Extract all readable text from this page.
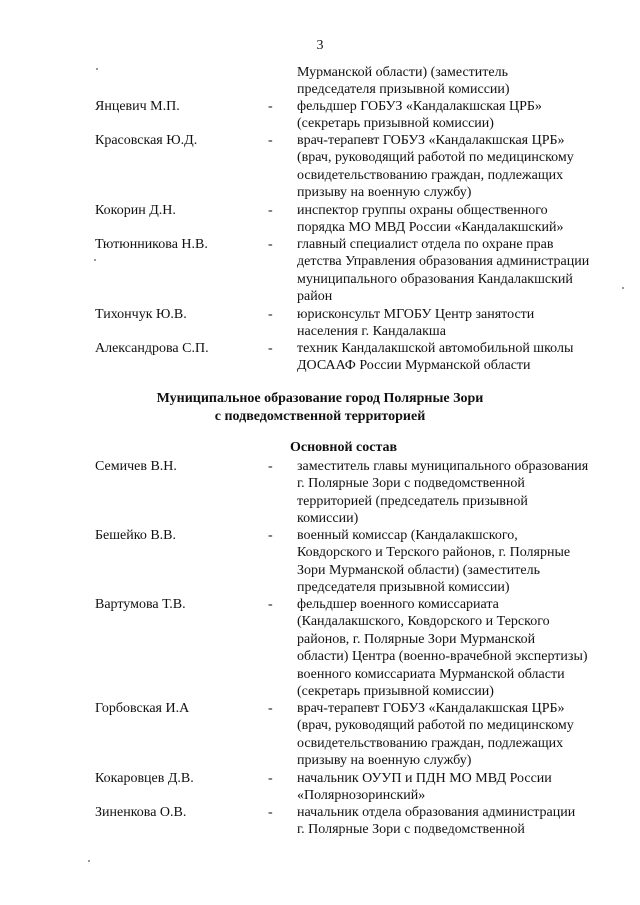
3
Мурманской области) (заместитель
председателя призывной комиссии)
Янцевич М.П.	- фельдшер ГОБУЗ «Кандалакшская ЦРБ»
(секретарь призывной комиссии)
Красовская Ю.Д.	- врач-терапевт ГОБУЗ «Кандалакшская ЦРБ»
(врач, руководящий работой по медицинскому
освидетельствованию граждан, подлежащих
призыву на военную службу)
Кокорин Д.Н.	- инспектор группы охраны общественного
порядка МО МВД России «Кандалакшский»
Тютюнникова Н.В.	- главный специалист отдела по охране прав
детства Управления образования администрации
муниципального образования Кандалакшский
район
Тихончук Ю.В.	- юрисконсульт МГОБУ Центр занятости
населения г. Кандалакша
Александрова С.П.	- техник Кандалакшской автомобильной школы
ДОСААФ России Мурманской области
Муниципальное образование город Полярные Зори
с подведомственной территорией
Основной состав
Семичев В.Н.	- заместитель главы муниципального образования
г. Полярные Зори с подведомственной
территорией (председатель призывной
комиссии)
Бешейко В.В.	- военный комиссар (Кандалакшского,
Ковдорского и Терского районов, г. Полярные
Зори Мурманской области) (заместитель
председателя призывной комиссии)
Вартумова Т.В.	- фельдшер военного комиссариата
(Кандалакшского, Ковдорского и Терского
районов, г. Полярные Зори Мурманской
области) Центра (военно-врачебной экспертизы)
военного комиссариата Мурманской области
(секретарь призывной комиссии)
Горбовская И.А	- врач-терапевт ГОБУЗ «Кандалакшская ЦРБ»
(врач, руководящий работой по медицинскому
освидетельствованию граждан, подлежащих
призыву на военную службу)
Кокаровцев Д.В.	- начальник ОУУП и ПДН МО МВД России
«Полярнозоринский»
Зиненкова О.В.	- начальник отдела образования администрации
г. Полярные Зори с подведомственной
